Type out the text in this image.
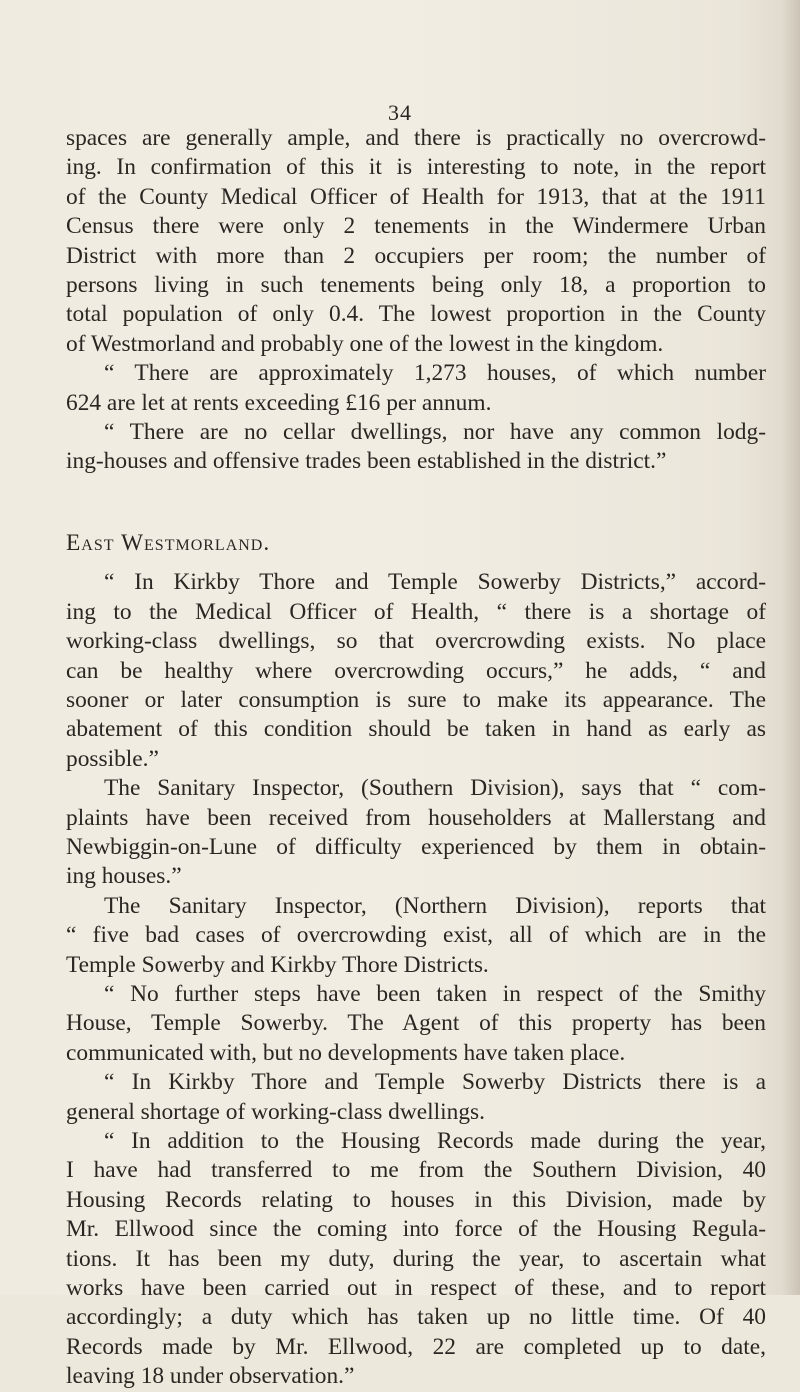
34

spaces are generally ample, and there is practically no overcrowd-

ing. In confirmation of this it is interesting to note, in the report

of the County Medical Officer of Health for 1913, that at the 1911

Census there were only 2 tenements in the Windermere Urban

District with more than 2 occupiers per room; the number of

persons living in such tenements being only 18, a proportion to

total population of only 0.4. The lowest proportion in the County

of Westmorland and probably one of the lowest in the kingdom.

“ There are approximately 1,273 houses, of which number

624 are let at rents exceeding £16 per annum.

“ There are no cellar dwellings, nor have any common lodg-

ing-houses and offensive trades been established in the district.”

East Westmorland.

“ In Kirkby Thore and Temple Sowerby Districts,” accord-

ing to the Medical Officer of Health, “ there is a shortage of

working-class dwellings, so that overcrowding exists. No place

can be healthy where overcrowding occurs,” he adds, “ and

sooner or later consumption is sure to make its appearance. The

abatement of this condition should be taken in hand as early as

possible.”

The Sanitary Inspector, (Southern Division), says that “ com-

plaints have been received from householders at Mallerstang and

Newbiggin-on-Lune of difficulty experienced by them in obtain-

ing houses.”

The Sanitary Inspector, (Northern Division), reports that

“ five bad cases of overcrowding exist, all of which are in the

Temple Sowerby and Kirkby Thore Districts.

“ No further steps have been taken in respect of the Smithy

House, Temple Sowerby. The Agent of this property has been

communicated with, but no developments have taken place.

“ In Kirkby Thore and Temple Sowerby Districts there is a

general shortage of working-class dwellings.

“ In addition to the Housing Records made during the year,

I have had transferred to me from the Southern Division, 40

Housing Records relating to houses in this Division, made by

Mr. Ellwood since the coming into force of the Housing Regula-

tions. It has been my duty, during the year, to ascertain what

works have been carried out in respect of these, and to report

accordingly; a duty which has taken up no little time. Of 40

Records made by Mr. Ellwood, 22 are completed up to date,

leaving 18 under observation.”
